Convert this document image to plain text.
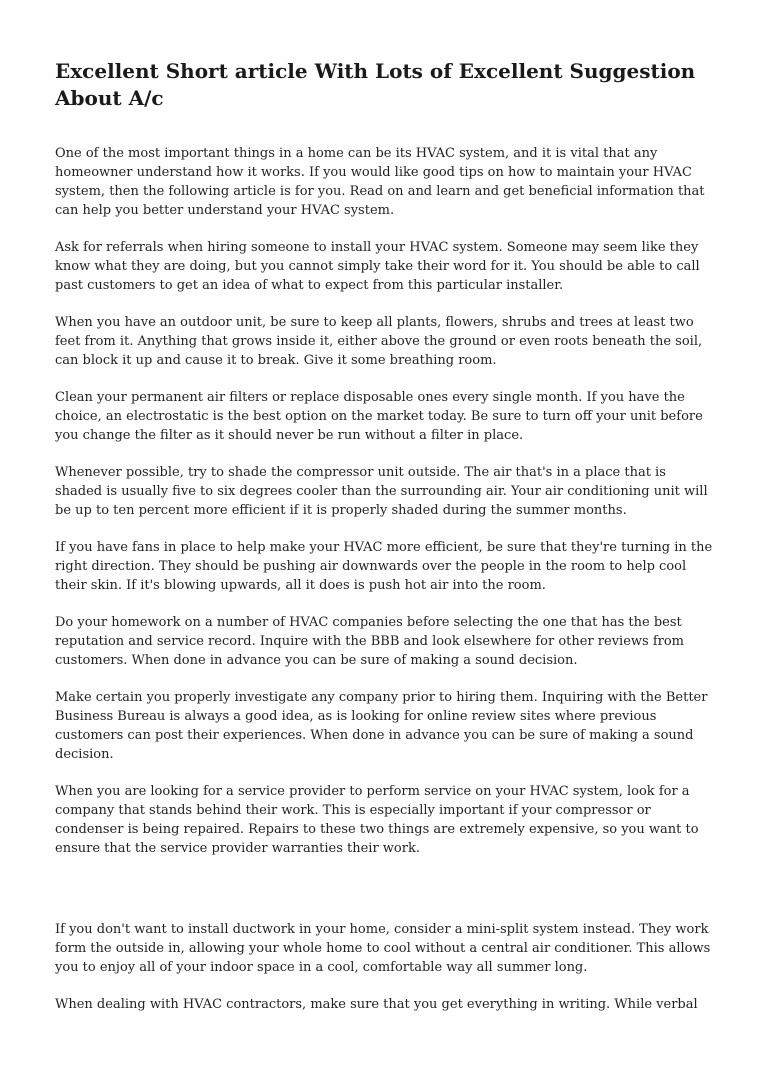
Excellent Short article With Lots of Excellent Suggestion About A/c

One of the most important things in a home can be its HVAC system, and it is vital that any homeowner understand how it works. If you would like good tips on how to maintain your HVAC system, then the following article is for you. Read on and learn and get beneficial information that can help you better understand your HVAC system.

Ask for referrals when hiring someone to install your HVAC system. Someone may seem like they know what they are doing, but you cannot simply take their word for it. You should be able to call past customers to get an idea of what to expect from this particular installer.

When you have an outdoor unit, be sure to keep all plants, flowers, shrubs and trees at least two feet from it. Anything that grows inside it, either above the ground or even roots beneath the soil, can block it up and cause it to break. Give it some breathing room.

Clean your permanent air filters or replace disposable ones every single month. If you have the choice, an electrostatic is the best option on the market today. Be sure to turn off your unit before you change the filter as it should never be run without a filter in place.

Whenever possible, try to shade the compressor unit outside. The air that's in a place that is shaded is usually five to six degrees cooler than the surrounding air. Your air conditioning unit will be up to ten percent more efficient if it is properly shaded during the summer months.

If you have fans in place to help make your HVAC more efficient, be sure that they're turning in the right direction. They should be pushing air downwards over the people in the room to help cool their skin. If it's blowing upwards, all it does is push hot air into the room.

Do your homework on a number of HVAC companies before selecting the one that has the best reputation and service record. Inquire with the BBB and look elsewhere for other reviews from customers. When done in advance you can be sure of making a sound decision.

Make certain you properly investigate any company prior to hiring them. Inquiring with the Better Business Bureau is always a good idea, as is looking for online review sites where previous customers can post their experiences. When done in advance you can be sure of making a sound decision.

When you are looking for a service provider to perform service on your HVAC system, look for a company that stands behind their work. This is especially important if your compressor or condenser is being repaired. Repairs to these two things are extremely expensive, so you want to ensure that the service provider warranties their work.

If you don't want to install ductwork in your home, consider a mini-split system instead. They work form the outside in, allowing your whole home to cool without a central air conditioner. This allows you to enjoy all of your indoor space in a cool, comfortable way all summer long.

When dealing with HVAC contractors, make sure that you get everything in writing. While verbal
